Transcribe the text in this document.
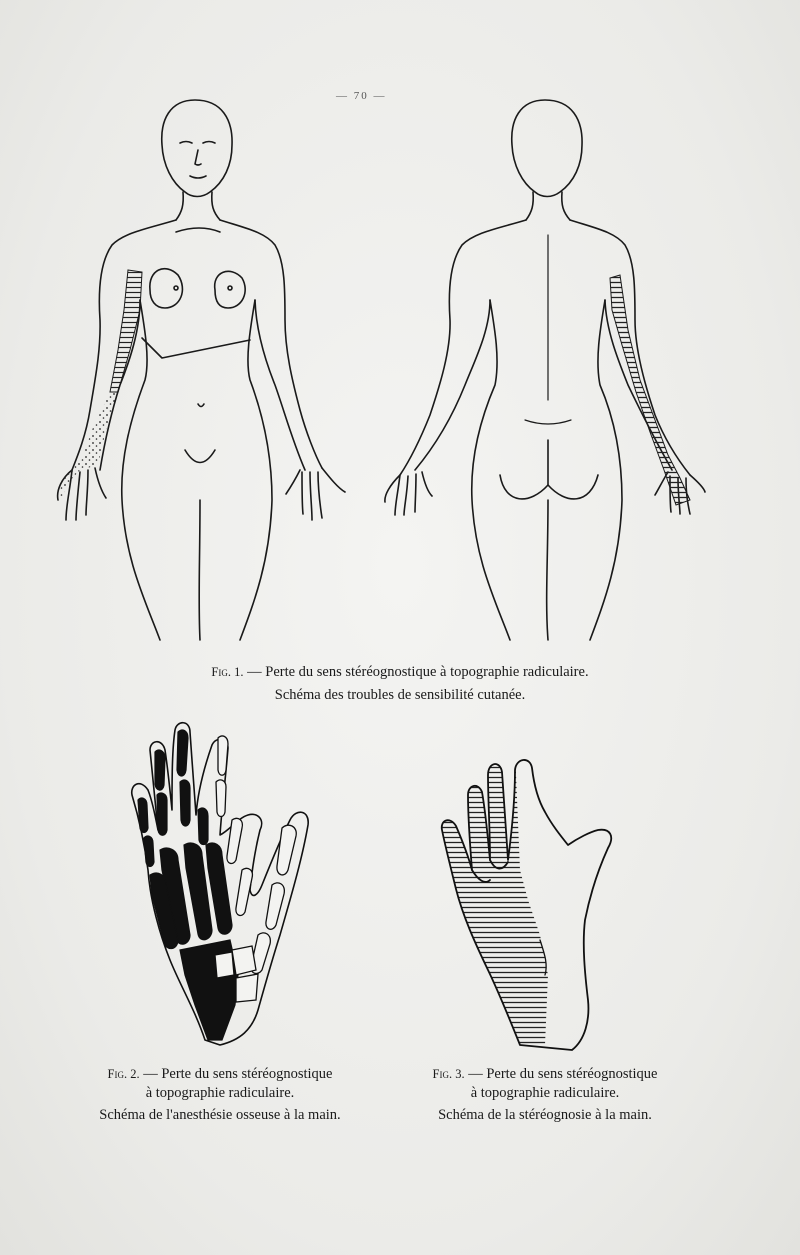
— 70 —
Fig. 1. — Perte du sens stéréognostique à topographie radiculaire.
Schéma des troubles de sensibilité cutanée.
Fig. 2. — Perte du sens stéréognostique
à topographie radiculaire.
Schéma de l'anesthésie osseuse à la main.
Fig. 3. — Perte du sens stéréognostique
à topographie radiculaire.
Schéma de la stéréognosie à la main.
